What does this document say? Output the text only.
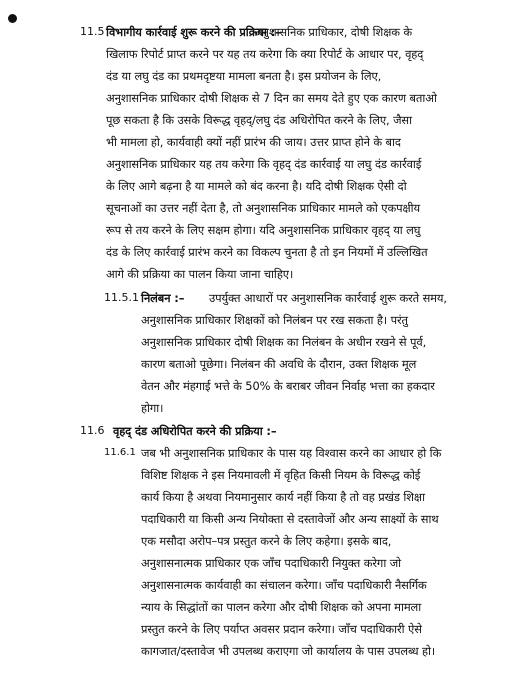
11.5 विभागीय कार्रवाई शुरू करने की प्रक्रिया :–
अनुशासनिक प्राधिकार, दोषी शिक्षक के
खिलाफ रिपोर्ट प्राप्त करने पर यह तय करेगा कि क्या रिपोर्ट के आधार पर, वृहद्
दंड या लघु दंड का प्रथमदृष्टया मामला बनता है। इस प्रयोजन के लिए,
अनुशासनिक प्राधिकार दोषी शिक्षक से 7 दिन का समय देते हुए एक कारण बताओ
पूछ सकता है कि उसके विरूद्ध वृहद्/लघु दंड अधिरोपित करने के लिए, जैसा
भी मामला हो, कार्यवाही क्यों नहीं प्रारंभ की जाय। उत्तर प्राप्त होने के बाद
अनुशासनिक प्राधिकार यह तय करेगा कि वृहद् दंड कार्रवाई या लघु दंड कार्रवाई
के लिए आगे बढ़ना है या मामले को बंद करना है। यदि दोषी शिक्षक ऐसी दो
सूचनाओं का उत्तर नहीं देता है, तो अनुशासनिक प्राधिकार मामले को एकपक्षीय
रूप से तय करने के लिए सक्षम होगा। यदि अनुशासनिक प्राधिकार वृहद् या लघु
दंड के लिए कार्रवाई प्रारंभ करने का विकल्प चुनता है तो इन नियमों में उल्लिखित
आगे की प्रक्रिया का पालन किया जाना चाहिए।
11.5.1 निलंबन :– उपर्युक्त आधारों पर अनुशासनिक कार्रवाई शुरू करते समय,
अनुशासनिक प्राधिकार शिक्षकों को निलंबन पर रख सकता है। परंतु
अनुशासनिक प्राधिकार दोषी शिक्षक का निलंबन के अधीन रखने से पूर्व,
कारण बताओ पूछेगा। निलंबन की अवधि के दौरान, उक्त शिक्षक मूल
वेतन और मंहगाई भत्ते के 50% के बराबर जीवन निर्वाह भत्ता का हकदार
होगा।
11.6 वृहद् दंड अधिरोपित करने की प्रक्रिया :–
11.6.1 जब भी अनुशासनिक प्राधिकार के पास यह विश्वास करने का आधार हो कि
विशिष्ट शिक्षक ने इस नियमावली में वृहित किसी नियम के विरूद्ध कोई
कार्य किया है अथवा नियमानुसार कार्य नहीं किया है तो वह प्रखंड शिक्षा
पदाधिकारी या किसी अन्य नियोक्ता से दस्तावेजों और अन्य साक्ष्यों के साथ
एक मसौदा अरोप–पत्र प्रस्तुत करने के लिए कहेगा। इसके बाद,
अनुशासनात्मक प्राधिकार एक जाँच पदाधिकारी नियुक्त करेगा जो
अनुशासनात्मक कार्यवाही का संचालन करेगा। जाँच पदाधिकारी नैसर्गिक
न्याय के सिद्धांतों का पालन करेगा और दोषी शिक्षक को अपना मामला
प्रस्तुत करने के लिए पर्याप्त अवसर प्रदान करेगा। जाँच पदाधिकारी ऐसे
कागजात/दस्तावेज भी उपलब्ध कराएगा जो कार्यालय के पास उपलब्ध हो।
